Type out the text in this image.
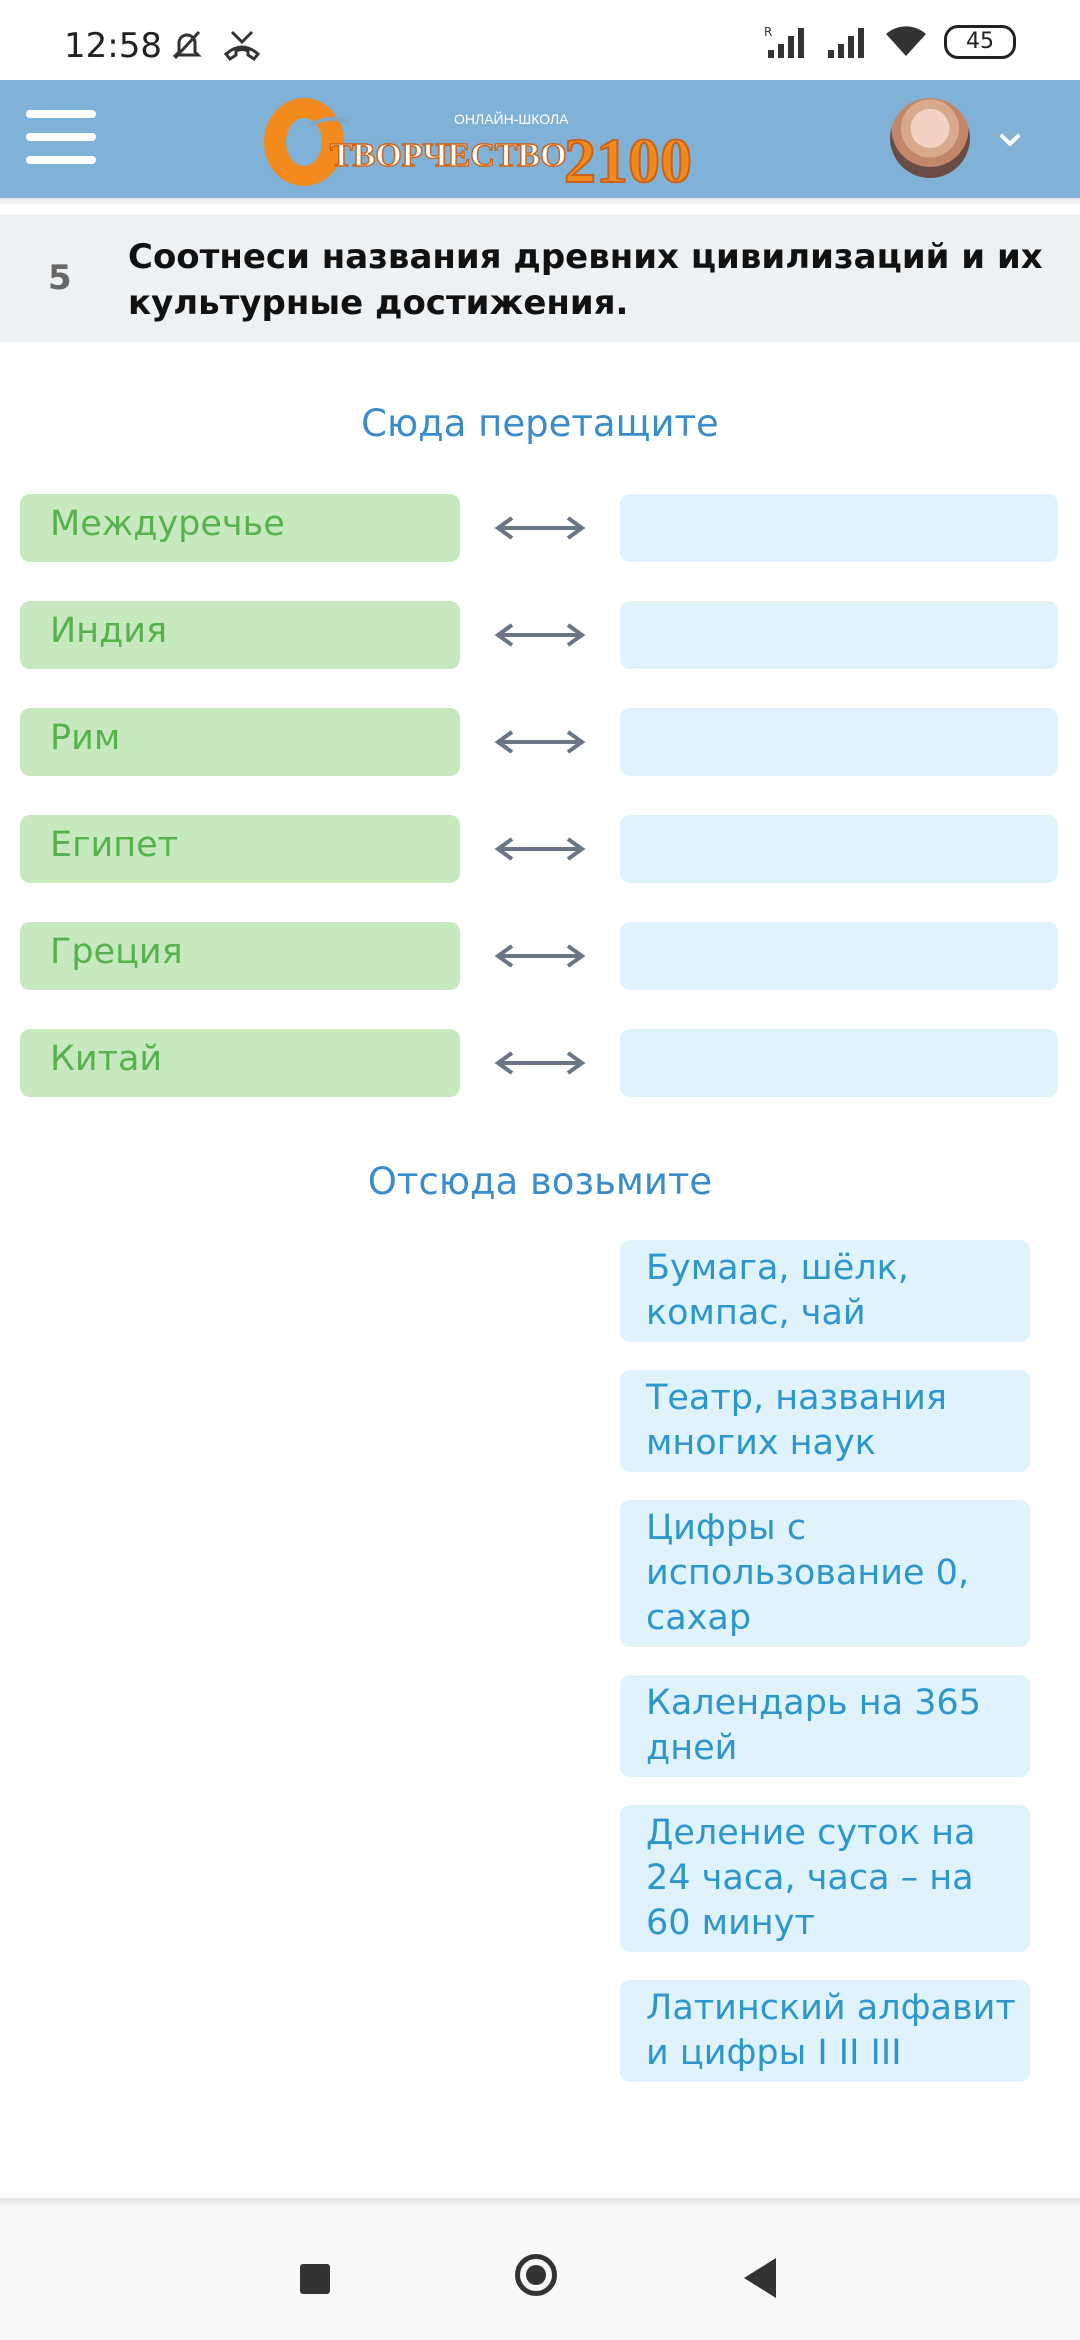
12:58	R	45
ОНЛАЙН-ШКОЛА
ТВОРЧЕСТВО
2100
5
Соотнеси названия древних цивилизаций и их культурные достижения.
Сюда перетащите
Междуречье
Индия
Рим
Египет
Греция
Китай
Отсюда возьмите
Бумага, шёлк, компас, чай
Театр, названия многих наук
Цифры с использование 0, сахар
Календарь на 365 дней
Деление суток на 24 часа, часа – на 60 минут
Латинский алфавит и цифры I II III
